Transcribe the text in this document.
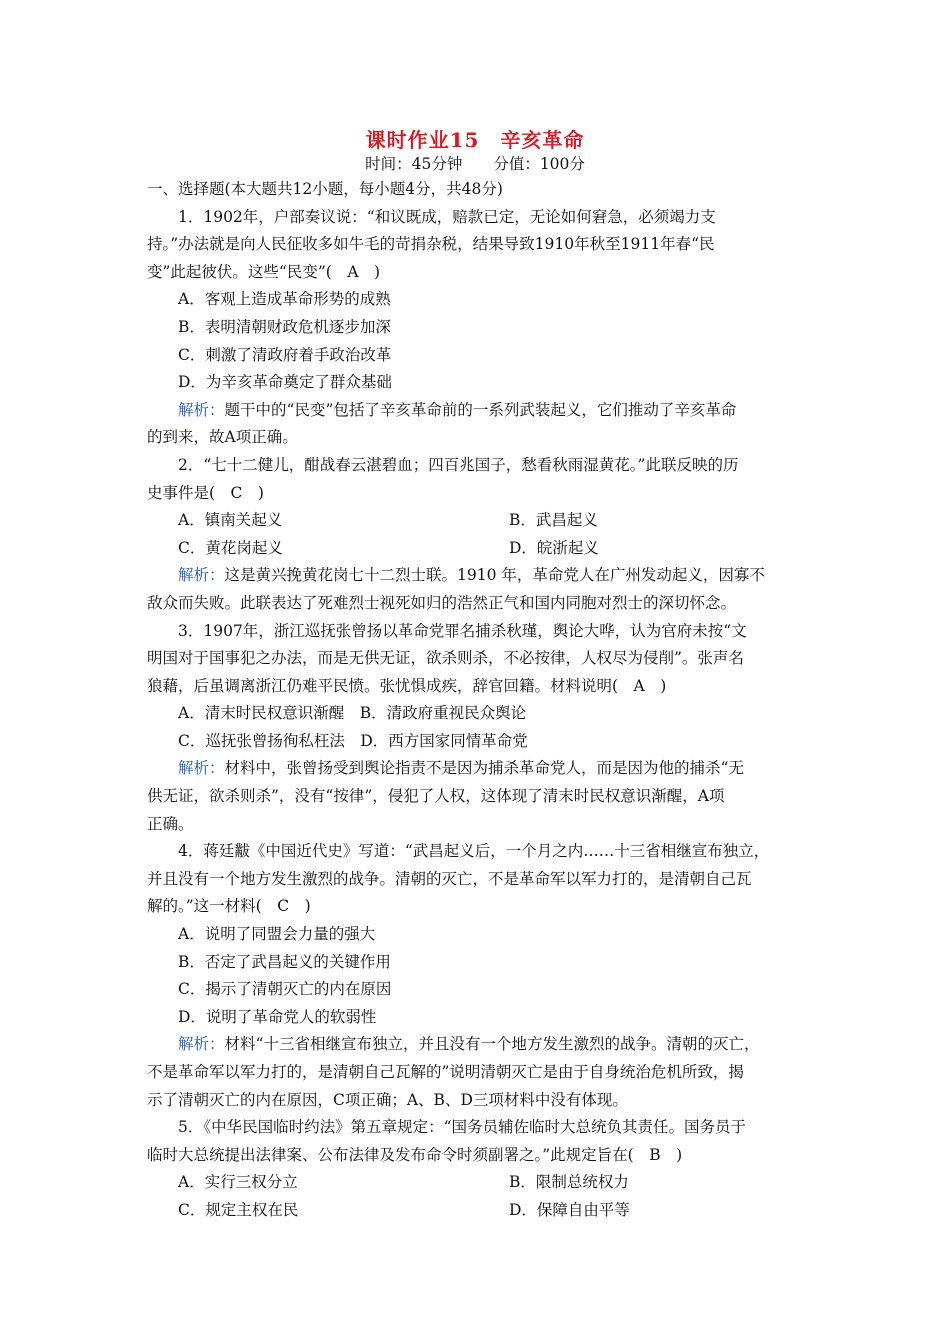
课时作业15　辛亥革命
时间：45分钟　　分值：100分
一、选择题(本大题共12小题，每小题4分，共48分)
1．1902年，户部奏议说：“和议既成，赔款已定，无论如何窘急，必须竭力支
持。”办法就是向人民征收多如牛毛的苛捐杂税，结果导致1910年秋至1911年春“民
变”此起彼伏。这些“民变”(　A　)
A．客观上造成革命形势的成熟
B．表明清朝财政危机逐步加深
C．刺激了清政府着手政治改革
D．为辛亥革命奠定了群众基础
解析：题干中的“民变”包括了辛亥革命前的一系列武装起义，它们推动了辛亥革命
的到来，故A项正确。
2．“七十二健儿，酣战春云湛碧血；四百兆国子，愁看秋雨湿黄花。”此联反映的历
史事件是(　C　)
A．镇南关起义	B．武昌起义
C．黄花岗起义	D．皖浙起义
解析：这是黄兴挽黄花岗七十二烈士联。1910 年，革命党人在广州发动起义，因寡不
敌众而失败。此联表达了死难烈士视死如归的浩然正气和国内同胞对烈士的深切怀念。
3．1907年，浙江巡抚张曾扬以革命党罪名捕杀秋瑾，舆论大哗，认为官府未按“文
明国对于国事犯之办法，而是无供无证，欲杀则杀，不必按律，人权尽为侵削”。张声名
狼藉，后虽调离浙江仍难平民愤。张忧惧成疾，辞官回籍。材料说明(　A　)
A．清末时民权意识渐醒　B．清政府重视民众舆论
C．巡抚张曾扬徇私枉法　D．西方国家同情革命党
解析：材料中，张曾扬受到舆论指责不是因为捕杀革命党人，而是因为他的捕杀“无
供无证，欲杀则杀”，没有“按律”，侵犯了人权，这体现了清末时民权意识渐醒，A项
正确。
4．蒋廷黻《中国近代史》写道：“武昌起义后，一个月之内……十三省相继宣布独立，
并且没有一个地方发生激烈的战争。清朝的灭亡，不是革命军以军力打的，是清朝自己瓦
解的。”这一材料(　C　)
A．说明了同盟会力量的强大
B．否定了武昌起义的关键作用
C．揭示了清朝灭亡的内在原因
D．说明了革命党人的软弱性
解析：材料“十三省相继宣布独立，并且没有一个地方发生激烈的战争。清朝的灭亡，
不是革命军以军力打的，是清朝自己瓦解的”说明清朝灭亡是由于自身统治危机所致，揭
示了清朝灭亡的内在原因，C项正确；A、B、D三项材料中没有体现。
5．《中华民国临时约法》第五章规定：“国务员辅佐临时大总统负其责任。国务员于
临时大总统提出法律案、公布法律及发布命令时须副署之。”此规定旨在(　B　)
A．实行三权分立	B．限制总统权力
C．规定主权在民	D．保障自由平等
